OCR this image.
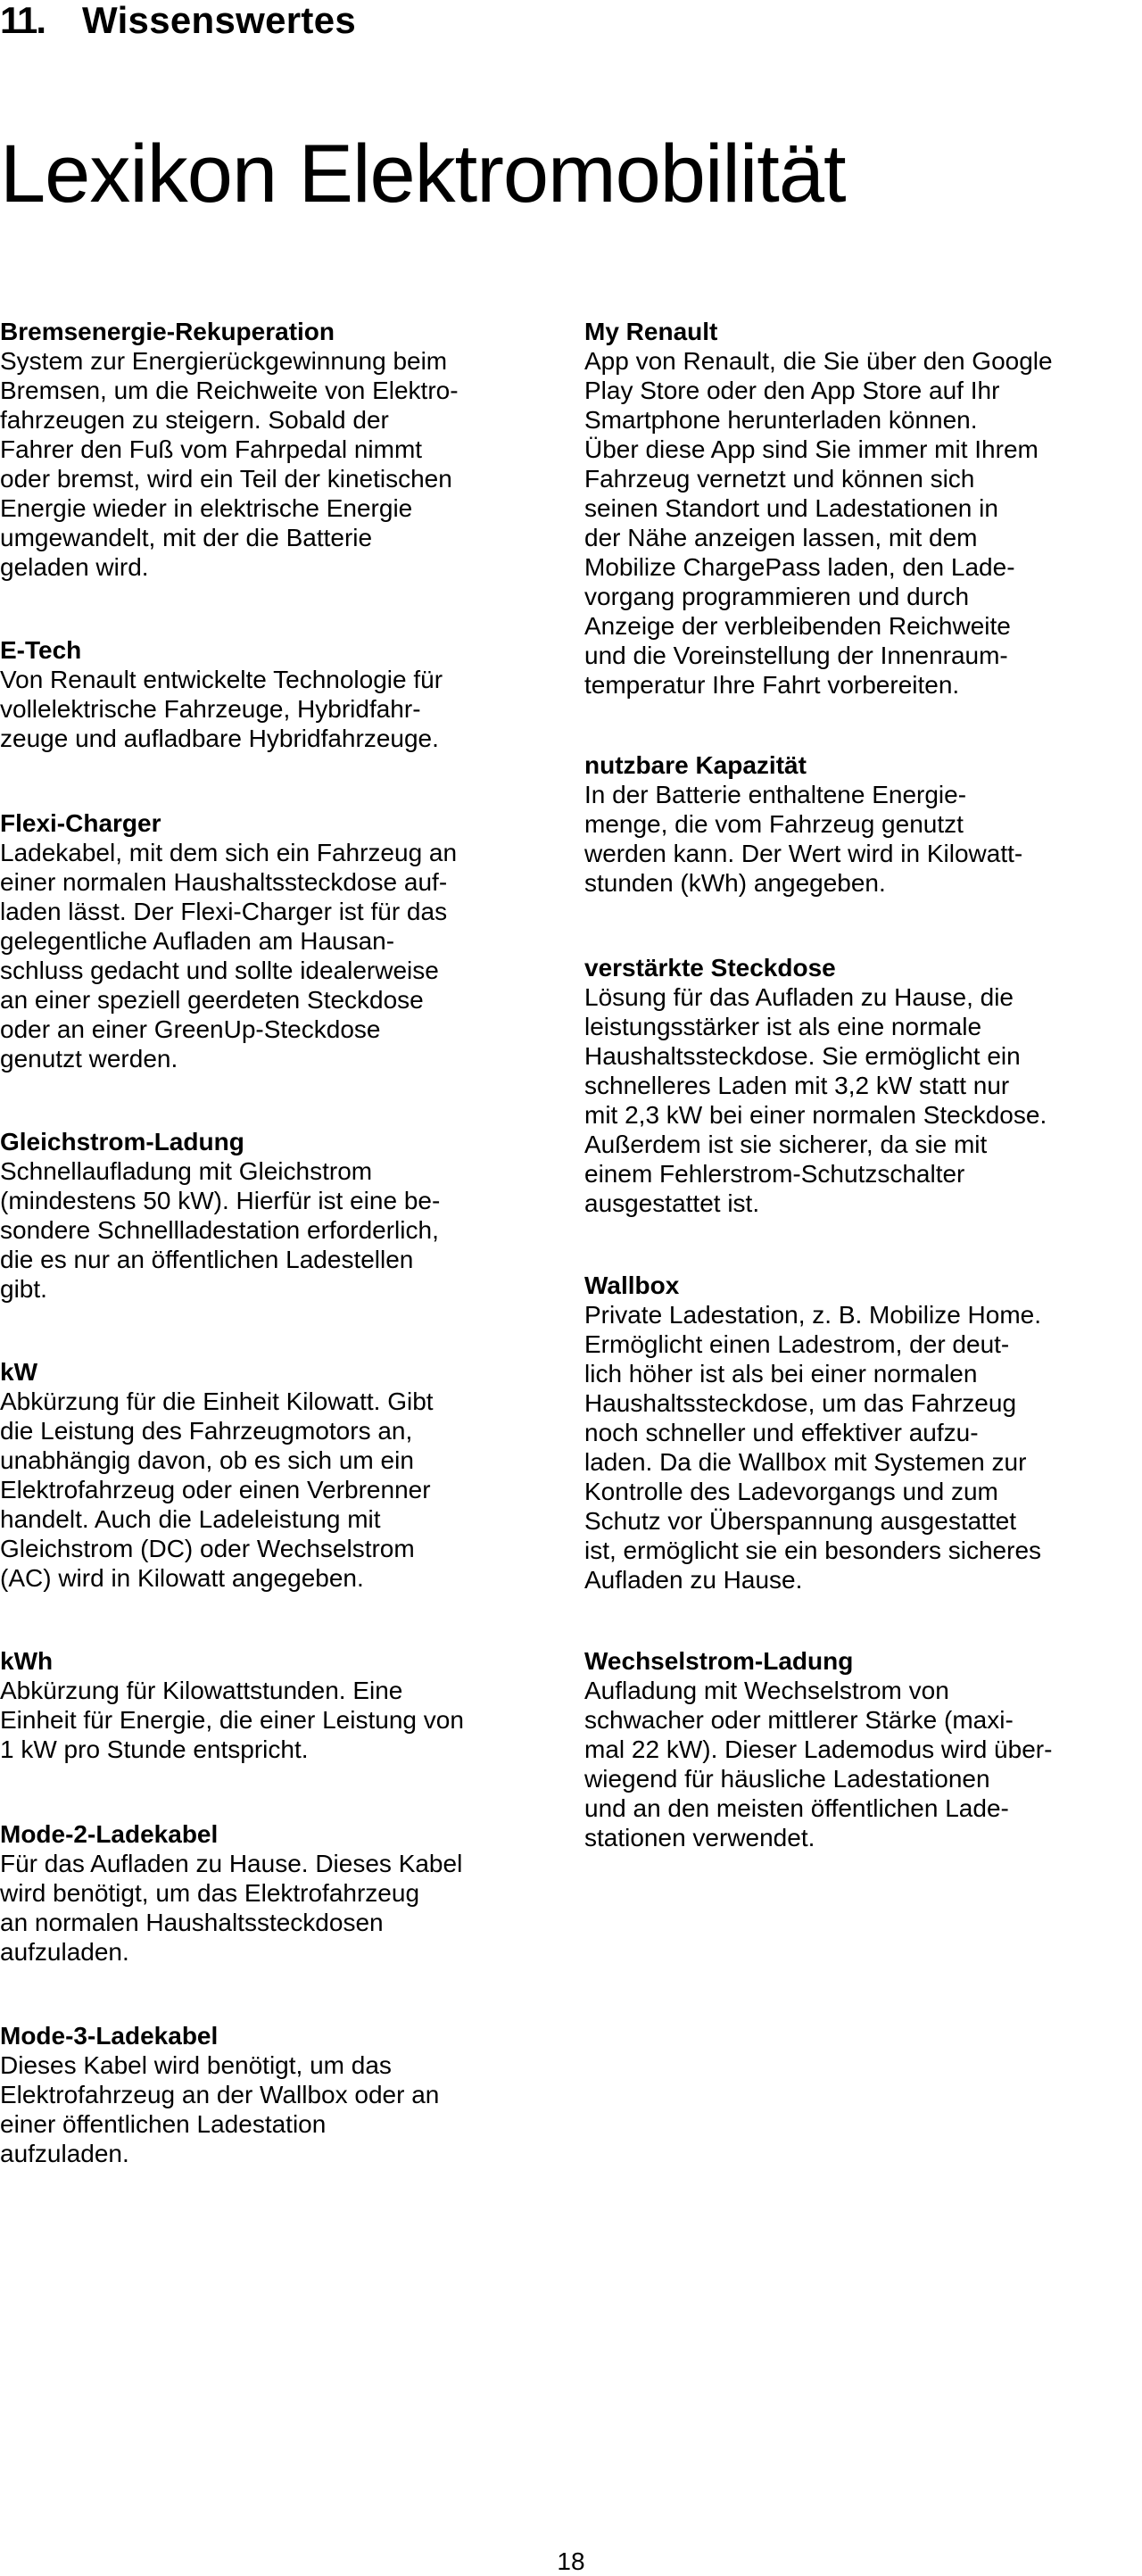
11. Wissenswertes
Lexikon Elektromobilität
Bremsenergie-Rekuperation
System zur Energierückgewinnung beim
Bremsen, um die Reichweite von Elektro-
fahrzeugen zu steigern. Sobald der
Fahrer den Fuß vom Fahrpedal nimmt
oder bremst, wird ein Teil der kinetischen
Energie wieder in elektrische Energie
umgewandelt, mit der die Batterie
geladen wird.
E-Tech
Von Renault entwickelte Technologie für
vollelektrische Fahrzeuge, Hybridfahr-
zeuge und aufladbare Hybridfahrzeuge.
Flexi-Charger
Ladekabel, mit dem sich ein Fahrzeug an
einer normalen Haushaltssteckdose auf-
laden lässt. Der Flexi-Charger ist für das
gelegentliche Aufladen am Hausan-
schluss gedacht und sollte idealerweise
an einer speziell geerdeten Steckdose
oder an einer GreenUp-Steckdose
genutzt werden.
Gleichstrom-Ladung
Schnellaufladung mit Gleichstrom
(mindestens 50 kW). Hierfür ist eine be-
sondere Schnellladestation erforderlich,
die es nur an öffentlichen Ladestellen
gibt.
kW
Abkürzung für die Einheit Kilowatt. Gibt
die Leistung des Fahrzeugmotors an,
unabhängig davon, ob es sich um ein
Elektrofahrzeug oder einen Verbrenner
handelt. Auch die Ladeleistung mit
Gleichstrom (DC) oder Wechselstrom
(AC) wird in Kilowatt angegeben.
kWh
Abkürzung für Kilowattstunden. Eine
Einheit für Energie, die einer Leistung von
1 kW pro Stunde entspricht.
Mode-2-Ladekabel
Für das Aufladen zu Hause. Dieses Kabel
wird benötigt, um das Elektrofahrzeug
an normalen Haushaltssteckdosen
aufzuladen.
Mode-3-Ladekabel
Dieses Kabel wird benötigt, um das
Elektrofahrzeug an der Wallbox oder an
einer öffentlichen Ladestation
aufzuladen.
My Renault
App von Renault, die Sie über den Google
Play Store oder den App Store auf Ihr
Smartphone herunterladen können.
Über diese App sind Sie immer mit Ihrem
Fahrzeug vernetzt und können sich
seinen Standort und Ladestationen in
der Nähe anzeigen lassen, mit dem
Mobilize ChargePass laden, den Lade-
vorgang programmieren und durch
Anzeige der verbleibenden Reichweite
und die Voreinstellung der Innenraum-
temperatur Ihre Fahrt vorbereiten.
nutzbare Kapazität
In der Batterie enthaltene Energie-
menge, die vom Fahrzeug genutzt
werden kann. Der Wert wird in Kilowatt-
stunden (kWh) angegeben.
verstärkte Steckdose
Lösung für das Aufladen zu Hause, die
leistungsstärker ist als eine normale
Haushaltssteckdose. Sie ermöglicht ein
schnelleres Laden mit 3,2 kW statt nur
mit 2,3 kW bei einer normalen Steckdose.
Außerdem ist sie sicherer, da sie mit
einem Fehlerstrom-Schutzschalter
ausgestattet ist.
Wallbox
Private Ladestation, z. B. Mobilize Home.
Ermöglicht einen Ladestrom, der deut-
lich höher ist als bei einer normalen
Haushaltssteckdose, um das Fahrzeug
noch schneller und effektiver aufzu-
laden. Da die Wallbox mit Systemen zur
Kontrolle des Ladevorgangs und zum
Schutz vor Überspannung ausgestattet
ist, ermöglicht sie ein besonders sicheres
Aufladen zu Hause.
Wechselstrom-Ladung
Aufladung mit Wechselstrom von
schwacher oder mittlerer Stärke (maxi-
mal 22 kW). Dieser Lademodus wird über-
wiegend für häusliche Ladestationen
und an den meisten öffentlichen Lade-
stationen verwendet.
18
